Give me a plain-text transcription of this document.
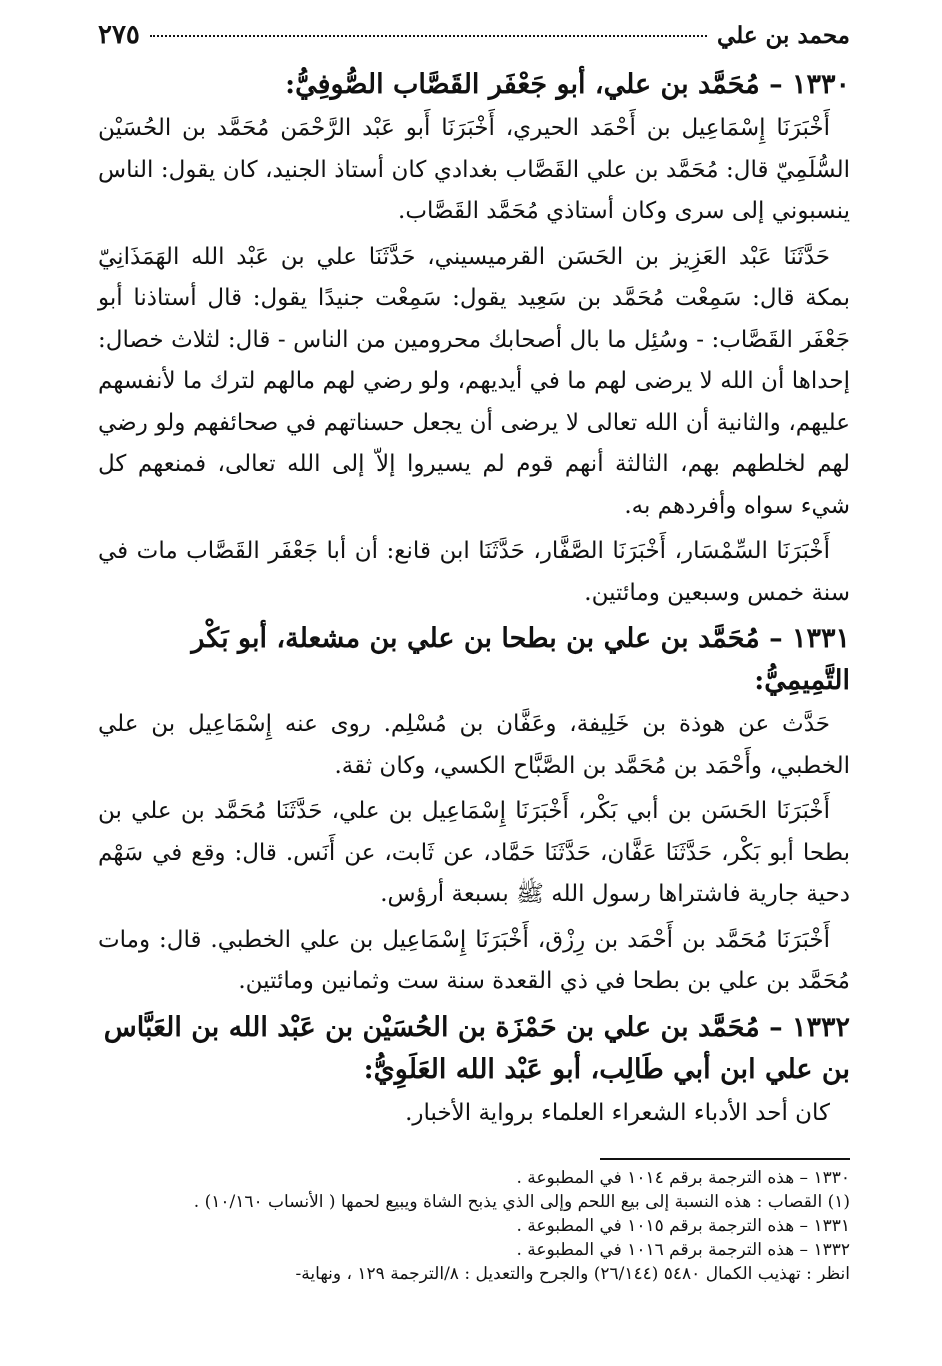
محمد بن علي
٢٧٥
١٣٣٠ – مُحَمَّد بن علي، أبو جَعْفَر القَصَّاب الصُّوفِيُّ:

أَخْبَرَنَا إِسْمَاعِيل بن أَحْمَد الحيري، أَخْبَرَنَا أَبو عَبْد الرَّحْمَن مُحَمَّد بن الحُسَيْن السُّلَمِيّ قال: مُحَمَّد بن علي القَصَّاب بغدادي كان أستاذ الجنيد، كان يقول: الناس ينسبوني إلى سرى وكان أستاذي مُحَمَّد القَصَّاب.

حَدَّثَنَا عَبْد العَزِيز بن الحَسَن القرميسيني، حَدَّثَنَا علي بن عَبْد الله الهَمَذَانِيّ بمكة قال: سَمِعْت مُحَمَّد بن سَعِيد يقول: سَمِعْت جنيدًا يقول: قال أستاذنا أبو جَعْفَر القَصَّاب: - وسُئِل ما بال أصحابك محرومين من الناس - قال: لثلاث خصال: إحداها أن الله لا يرضى لهم ما في أيديهم، ولو رضي لهم مالهم لترك ما لأنفسهم عليهم، والثانية أن الله تعالى لا يرضى أن يجعل حسناتهم في صحائفهم ولو رضي لهم لخلطهم بهم، الثالثة أنهم قوم لم يسيروا إلاّ إلى الله تعالى، فمنعهم كل شيء سواه وأفردهم به.

أَخْبَرَنَا السِّمْسَار، أَخْبَرَنَا الصَّفَّار، حَدَّثَنَا ابن قانع: أن أبا جَعْفَر القَصَّاب مات في سنة خمس وسبعين ومائتين.

١٣٣١ – مُحَمَّد بن علي بن بطحا بن علي بن مشعلة، أبو بَكْر التَّمِيمِيُّ:

حَدَّث عن هوذة بن خَلِيفة، وعَفَّان بن مُسْلِم. روى عنه إِسْمَاعِيل بن علي الخطبي، وأَحْمَد بن مُحَمَّد بن الصَّبَّاح الكسي، وكان ثقة.

أَخْبَرَنَا الحَسَن بن أبي بَكْر، أَخْبَرَنَا إِسْمَاعِيل بن علي، حَدَّثَنَا مُحَمَّد بن علي بن بطحا أبو بَكْر، حَدَّثَنَا عَفَّان، حَدَّثَنَا حَمَّاد، عن ثَابت، عن أَنَس. قال: وقع في سَهْم دحية جارية فاشتراها رسول الله ﷺ بسبعة أرؤس.

أَخْبَرَنَا مُحَمَّد بن أَحْمَد بن رِزْق، أَخْبَرَنَا إِسْمَاعِيل بن علي الخطبي. قال: ومات مُحَمَّد بن علي بن بطحا في ذي القعدة سنة ست وثمانين ومائتين.

١٣٣٢ – مُحَمَّد بن علي بن حَمْزَة بن الحُسَيْن بن عَبْد الله بن العَبَّاس بن علي ابن أبي طَالِب، أبو عَبْد الله العَلَوِيُّ:

كان أحد الأدباء الشعراء العلماء برواية الأخبار.

١٣٣٠ – هذه الترجمة برقم ١٠١٤ في المطبوعة .

(١) القصاب : هذه النسبة إلى بيع اللحم وإلى الذي يذبح الشاة ويبيع لحمها ( الأنساب ١٠/١٦٠) .

١٣٣١ – هذه الترجمة برقم ١٠١٥ في المطبوعة .

١٣٣٢ – هذه الترجمة برقم ١٠١٦ في المطبوعة .

انظر : تهذيب الكمال ٥٤٨٠ (٢٦/١٤٤) والجرح والتعديل : ٨/الترجمة ١٢٩ ، ونهاية-
